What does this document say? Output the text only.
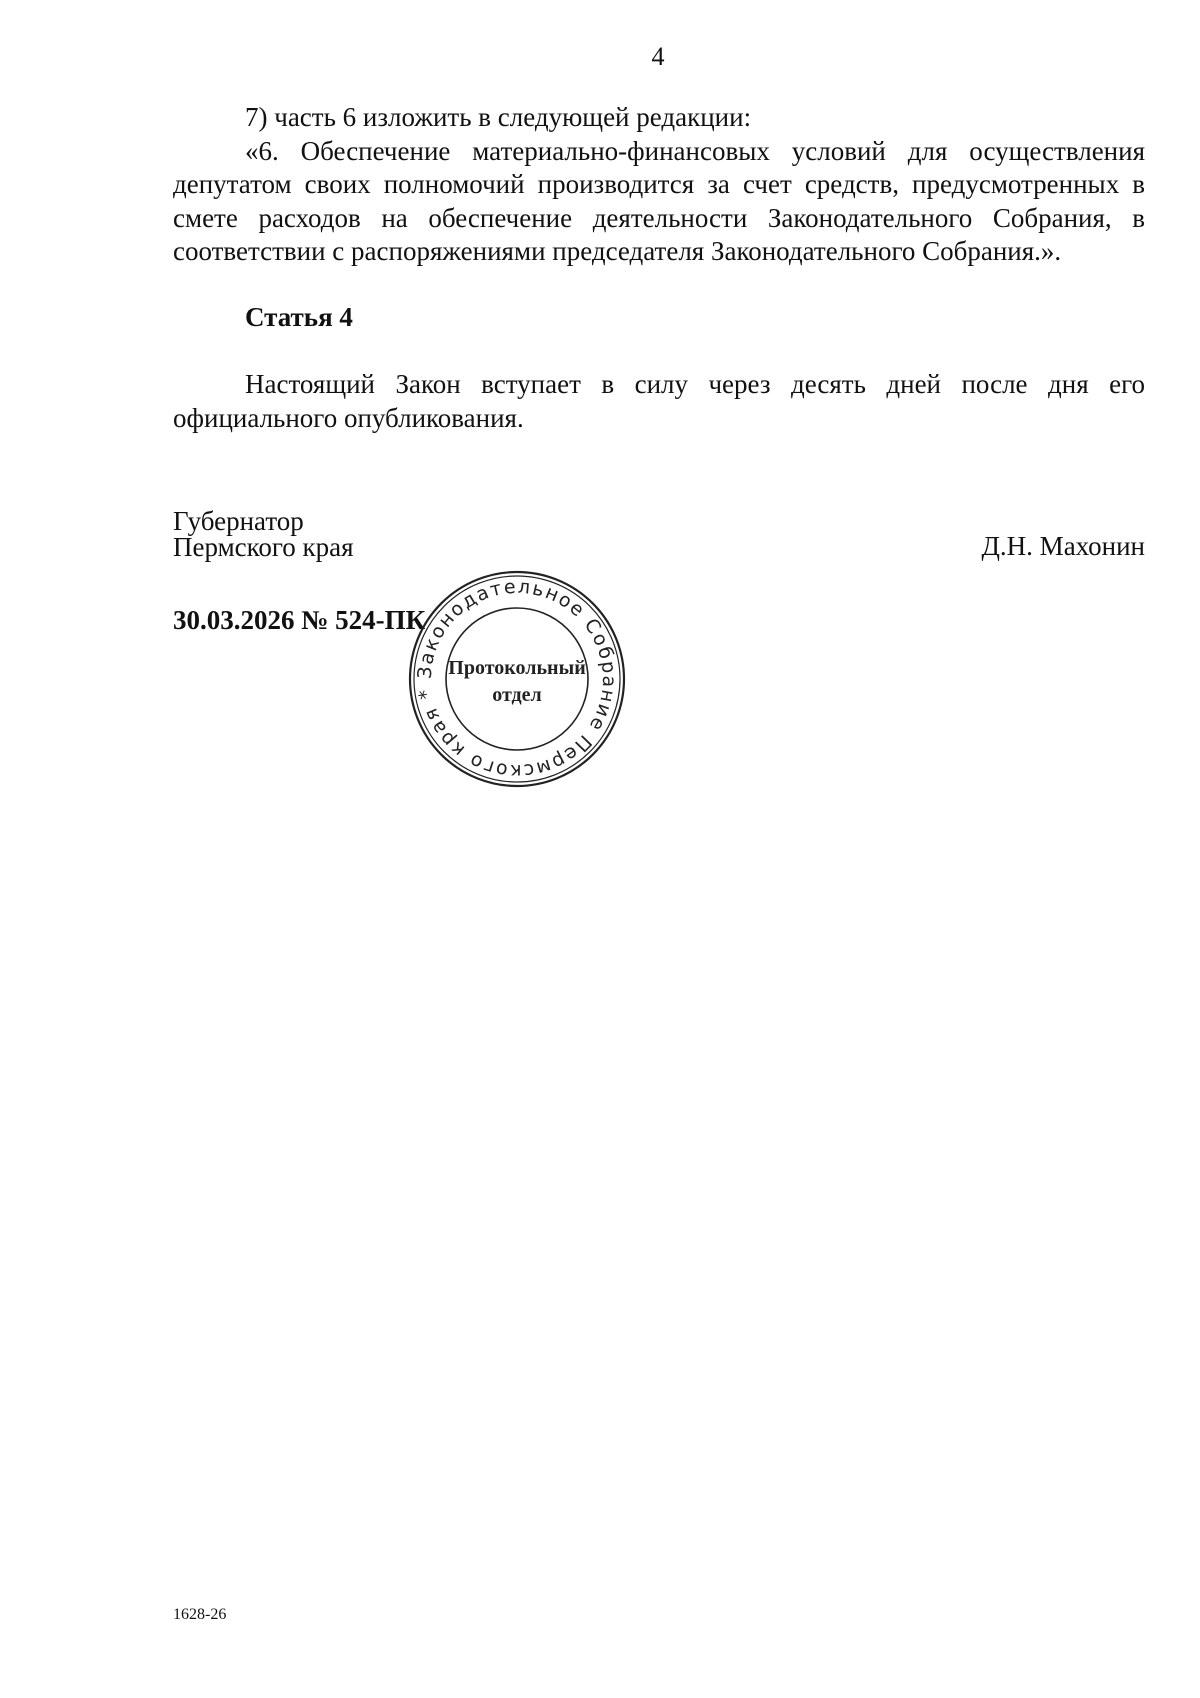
4

7) часть 6 изложить в следующей редакции:

«6. Обеспечение материально-финансовых условий для осуществления депутатом своих полномочий производится за счет средств, предусмотренных в смете расходов на обеспечение деятельности Законодательного Собрания, в соответствии с распоряжениями председателя Законодательного Собрания.».

Статья 4

Настоящий Закон вступает в силу через десять дней после дня его официального опубликования.

Губернатор
Пермского края	Д.Н. Махонин
30.03.2026 № 524-ПК
Законодательное Собрание Пермского края *
Протокольный
отдел
1628-26
